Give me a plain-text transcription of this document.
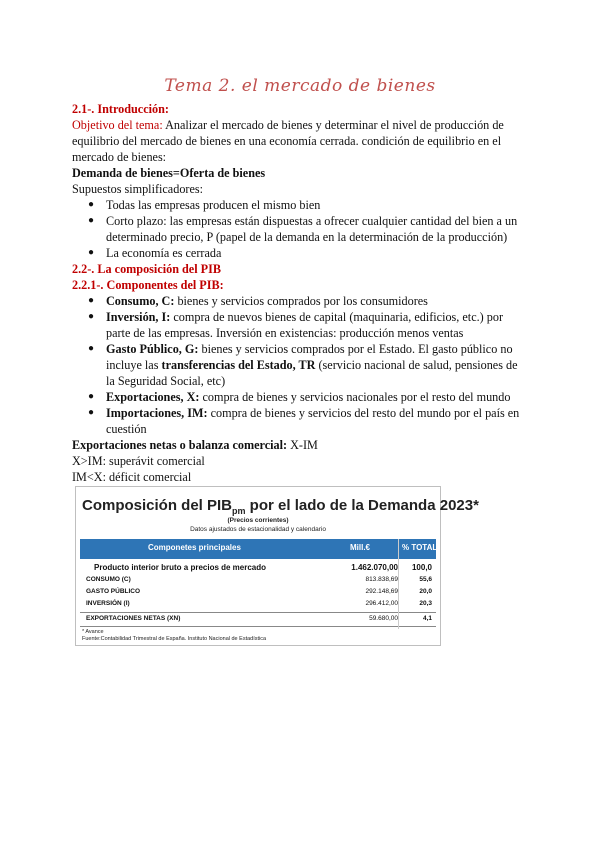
Tema 2. el mercado de bienes
2.1-. Introducción:
Objetivo del tema: Analizar el mercado de bienes y determinar el nivel de producción de
equilibrio del mercado de bienes en una economía cerrada. condición de equilibrio en el
mercado de bienes:
Demanda de bienes=Oferta de bienes
Supuestos simplificadores:
● Todas las empresas producen el mismo bien
● Corto plazo: las empresas están dispuestas a ofrecer cualquier cantidad del bien a un
determinado precio, P (papel de la demanda en la determinación de la producción)
● La economía es cerrada
2.2-. La composición del PIB
2.2.1-. Componentes del PIB:
● Consumo, C: bienes y servicios comprados por los consumidores
● Inversión, I: compra de nuevos bienes de capital (maquinaria, edificios, etc.) por
parte de las empresas. Inversión en existencias: producción menos ventas
● Gasto Público, G: bienes y servicios comprados por el Estado. El gasto público no
incluye las transferencias del Estado, TR (servicio nacional de salud, pensiones de
la Seguridad Social, etc)
● Exportaciones, X: compra de bienes y servicios nacionales por el resto del mundo
● Importaciones, IM: compra de bienes y servicios del resto del mundo por el país en
cuestión
Exportaciones netas o balanza comercial: X-IM
X>IM: superávit comercial
IM<X: déficit comercial
Composición del $PIB_{pm}$ por el lado de la Demanda 2023*
(Precios corrientes)
Datos ajustados de estacionalidad y calendario
Componetes principales	Mill.€	% TOTAL
Producto interior bruto a precios de mercado	1.462.070,00 100,0
CONSUMO (C)	813.838,69	55,6
GASTO PÚBLICO	292.148,69	20,0
INVERSIÓN (I)	296.412,00	20,3
EXPORTACIONES NETAS (XN)	59.680,00	4,1
* Avance
Fuente:Contabilidad Trimestral de España. Instituto Nacional de Estadística
